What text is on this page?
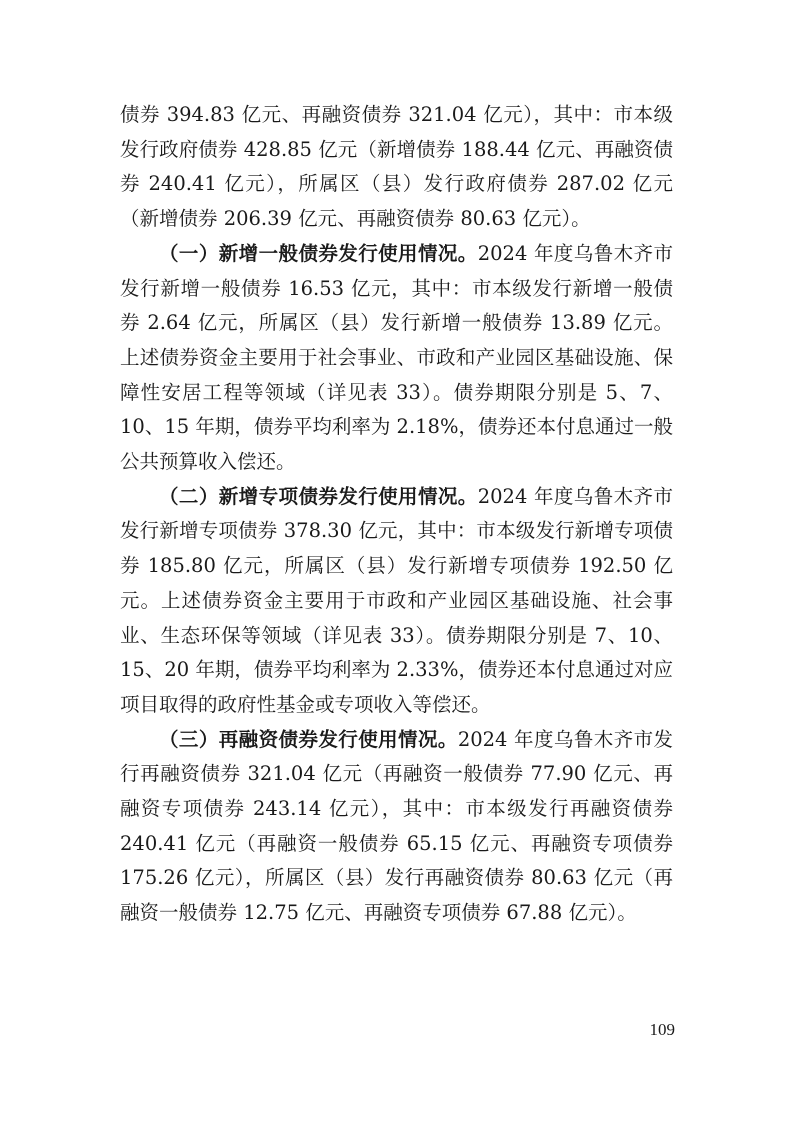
债券 394.83 亿元、再融资债券 321.04 亿元），其中：市本级发行政府债券 428.85 亿元（新增债券 188.44 亿元、再融资债券 240.41 亿元），所属区（县）发行政府债券 287.02 亿元（新增债券 206.39 亿元、再融资债券 80.63 亿元）。

（一）新增一般债券发行使用情况。2024 年度乌鲁木齐市发行新增一般债券 16.53 亿元，其中：市本级发行新增一般债券 2.64 亿元，所属区（县）发行新增一般债券 13.89 亿元。上述债券资金主要用于社会事业、市政和产业园区基础设施、保障性安居工程等领域（详见表 33）。债券期限分别是 5、7、10、15 年期，债券平均利率为 2.18%，债券还本付息通过一般公共预算收入偿还。

（二）新增专项债券发行使用情况。2024 年度乌鲁木齐市发行新增专项债券 378.30 亿元，其中：市本级发行新增专项债券 185.80 亿元，所属区（县）发行新增专项债券 192.50 亿元。上述债券资金主要用于市政和产业园区基础设施、社会事业、生态环保等领域（详见表 33）。债券期限分别是 7、10、15、20 年期，债券平均利率为 2.33%，债券还本付息通过对应项目取得的政府性基金或专项收入等偿还。

（三）再融资债券发行使用情况。2024 年度乌鲁木齐市发行再融资债券 321.04 亿元（再融资一般债券 77.90 亿元、再融资专项债券 243.14 亿元），其中：市本级发行再融资债券 240.41 亿元（再融资一般债券 65.15 亿元、再融资专项债券 175.26 亿元），所属区（县）发行再融资债券 80.63 亿元（再融资一般债券 12.75 亿元、再融资专项债券 67.88 亿元）。

109
